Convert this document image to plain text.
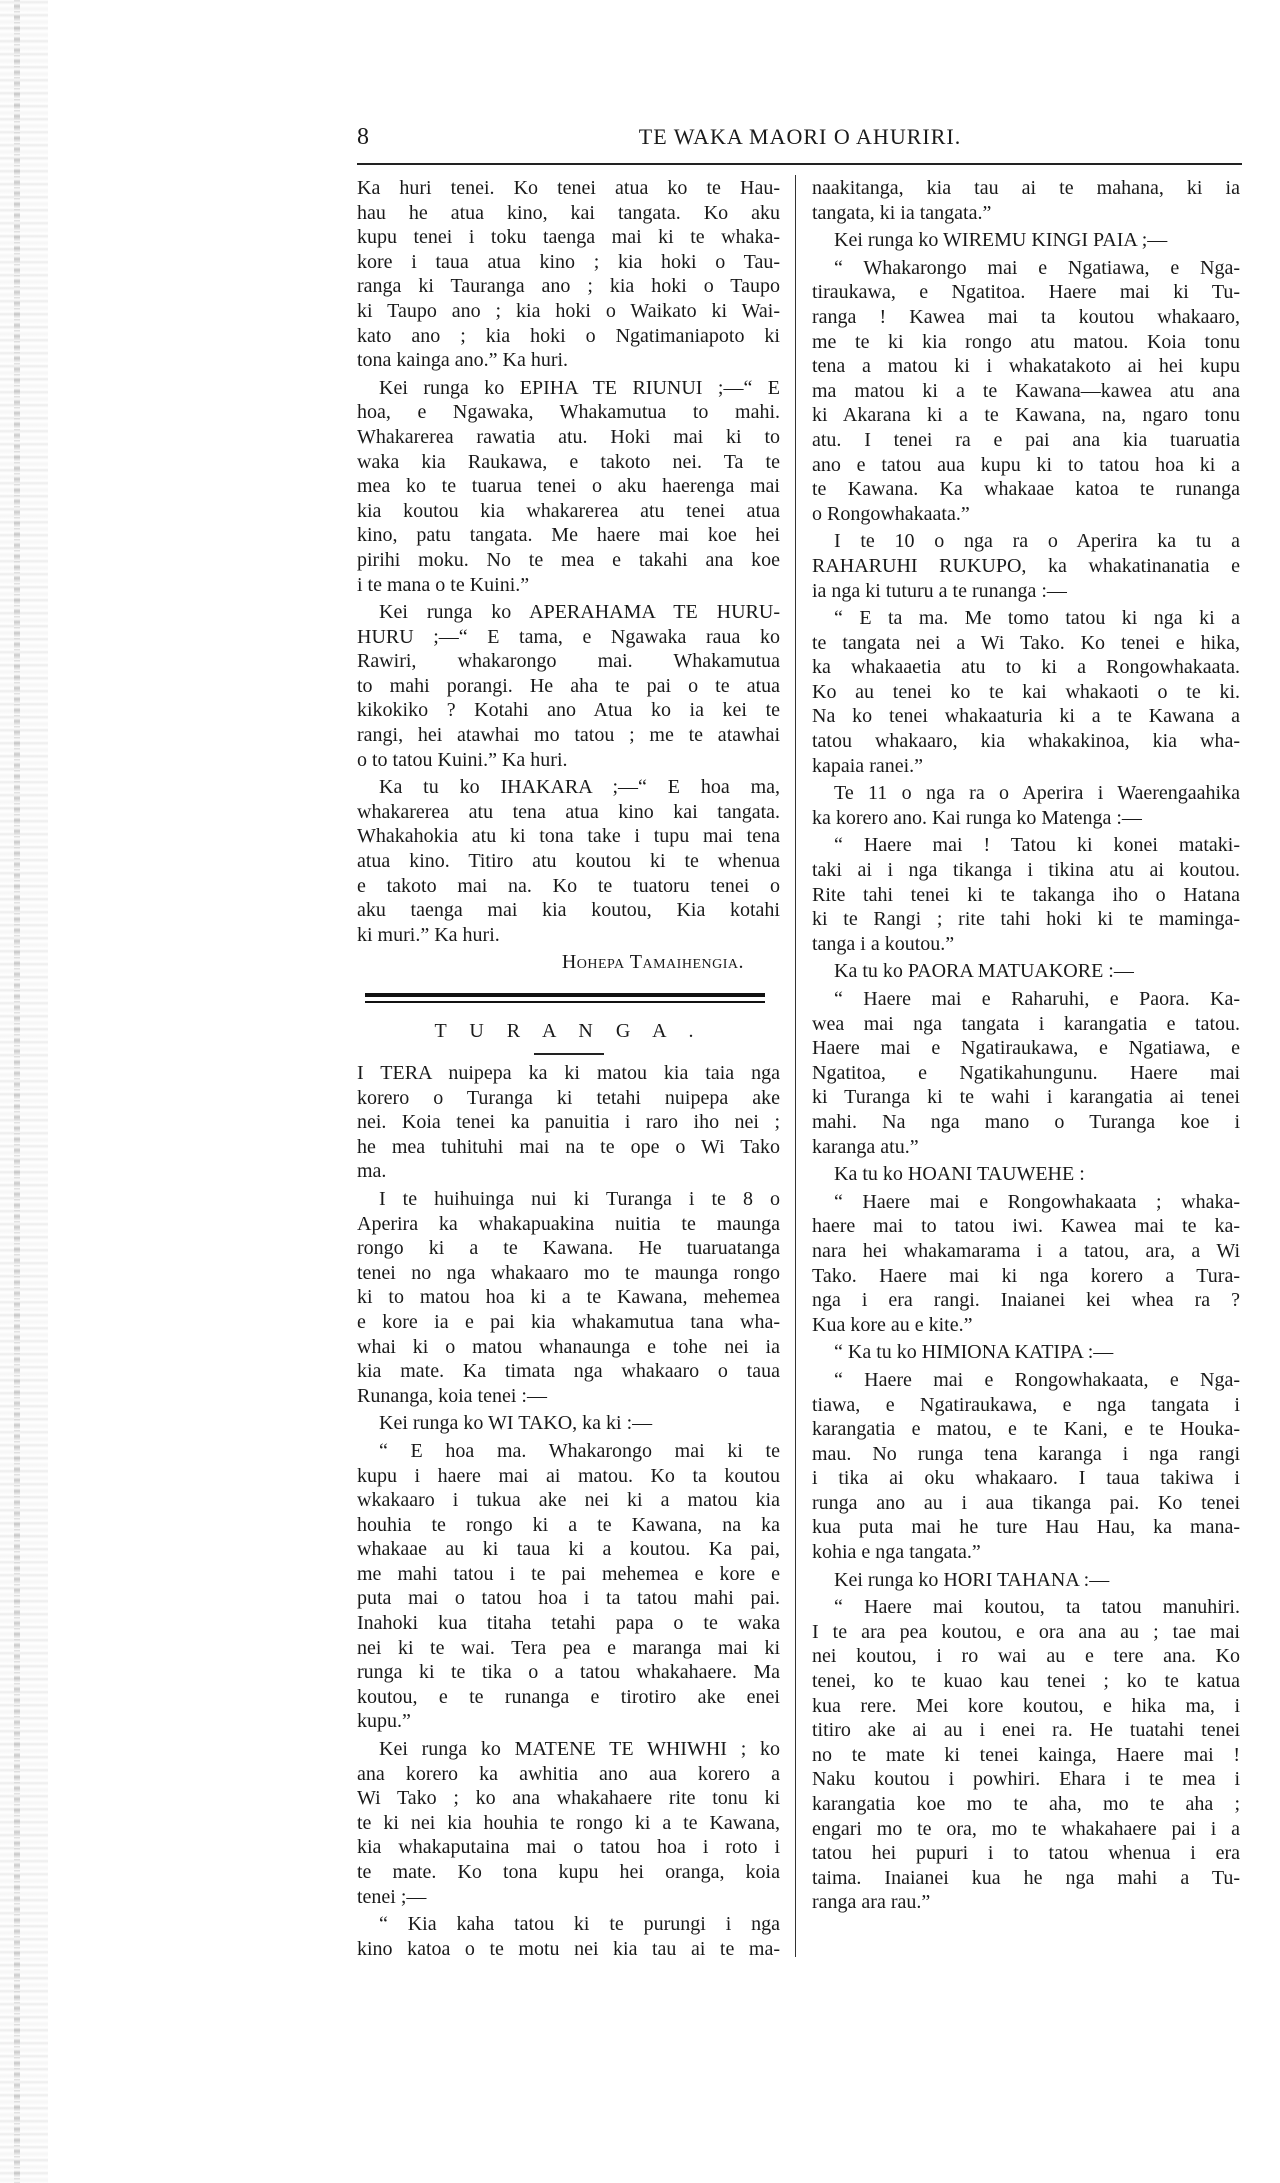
8	TE WAKA MAORI O AHURIRI.
Ka huri tenei. Ko tenei atua ko te Hau-
hau he atua kino, kai tangata. Ko aku
kupu tenei i toku taenga mai ki te whaka-
kore i taua atua kino ; kia hoki o Tau-
ranga ki Tauranga ano ; kia hoki o Taupo
ki Taupo ano ; kia hoki o Waikato ki Wai-
kato ano ; kia hoki o Ngatimaniapoto ki
tona kainga ano.” Ka huri.
Kei runga ko EPIHA TE RIUNUI ;—“ E
hoa, e Ngawaka, Whakamutua to mahi.
Whakarerea rawatia atu. Hoki mai ki to
waka kia Raukawa, e takoto nei. Ta te
mea ko te tuarua tenei o aku haerenga mai
kia koutou kia whakarerea atu tenei atua
kino, patu tangata. Me haere mai koe hei
pirihi moku. No te mea e takahi ana koe
i te mana o te Kuini.”
Kei runga ko APERAHAMA TE HURU-
HURU ;—“ E tama, e Ngawaka raua ko
Rawiri, whakarongo mai. Whakamutua
to mahi porangi. He aha te pai o te atua
kikokiko ? Kotahi ano Atua ko ia kei te
rangi, hei atawhai mo tatou ; me te atawhai
o to tatou Kuini.” Ka huri.
Ka tu ko IHAKARA ;—“ E hoa ma,
whakarerea atu tena atua kino kai tangata.
Whakahokia atu ki tona take i tupu mai tena
atua kino. Titiro atu koutou ki te whenua
e takoto mai na. Ko te tuatoru tenei o
aku taenga mai kia koutou, Kia kotahi
ki muri.” Ka huri.
Hohepa Tamaihengia.
T U R A N G A .
I TERA nuipepa ka ki matou kia taia nga
korero o Turanga ki tetahi nuipepa ake
nei. Koia tenei ka panuitia i raro iho nei ;
he mea tuhituhi mai na te ope o Wi Tako
ma.
I te huihuinga nui ki Turanga i te 8 o
Aperira ka whakapuakina nuitia te maunga
rongo ki a te Kawana. He tuaruatanga
tenei no nga whakaaro mo te maunga rongo
ki to matou hoa ki a te Kawana, mehemea
e kore ia e pai kia whakamutua tana wha-
whai ki o matou whanaunga e tohe nei ia
kia mate. Ka timata nga whakaaro o taua
Runanga, koia tenei :—
Kei runga ko WI TAKO, ka ki :—
“ E hoa ma. Whakarongo mai ki te
kupu i haere mai ai matou. Ko ta koutou
wkakaaro i tukua ake nei ki a matou kia
houhia te rongo ki a te Kawana, na ka
whakaae au ki taua ki a koutou. Ka pai,
me mahi tatou i te pai mehemea e kore e
puta mai o tatou hoa i ta tatou mahi pai.
Inahoki kua titaha tetahi papa o te waka
nei ki te wai. Tera pea e maranga mai ki
runga ki te tika o a tatou whakahaere. Ma
koutou, e te runanga e tirotiro ake enei
kupu.”
Kei runga ko MATENE TE WHIWHI ; ko
ana korero ka awhitia ano aua korero a
Wi Tako ; ko ana whakahaere rite tonu ki
te ki nei kia houhia te rongo ki a te Kawana,
kia whakaputaina mai o tatou hoa i roto i
te mate. Ko tona kupu hei oranga, koia
tenei ;—
“ Kia kaha tatou ki te purungi i nga
kino katoa o te motu nei kia tau ai te ma-
naakitanga, kia tau ai te mahana, ki ia
tangata, ki ia tangata.”
Kei runga ko WIREMU KINGI PAIA ;—
“ Whakarongo mai e Ngatiawa, e Nga-
tiraukawa, e Ngatitoa. Haere mai ki Tu-
ranga ! Kawea mai ta koutou whakaaro,
me te ki kia rongo atu matou. Koia tonu
tena a matou ki i whakatakoto ai hei kupu
ma matou ki a te Kawana—kawea atu ana
ki Akarana ki a te Kawana, na, ngaro tonu
atu. I tenei ra e pai ana kia tuaruatia
ano e tatou aua kupu ki to tatou hoa ki a
te Kawana. Ka whakaae katoa te runanga
o Rongowhakaata.”
I te 10 o nga ra o Aperira ka tu a
RAHARUHI RUKUPO, ka whakatinanatia e
ia nga ki tuturu a te runanga :—
“ E ta ma. Me tomo tatou ki nga ki a
te tangata nei a Wi Tako. Ko tenei e hika,
ka whakaaetia atu to ki a Rongowhakaata.
Ko au tenei ko te kai whakaoti o te ki.
Na ko tenei whakaaturia ki a te Kawana a
tatou whakaaro, kia whakakinoa, kia wha-
kapaia ranei.”
Te 11 o nga ra o Aperira i Waerengaahika
ka korero ano. Kai runga ko Matenga :—
“ Haere mai ! Tatou ki konei mataki-
taki ai i nga tikanga i tikina atu ai koutou.
Rite tahi tenei ki te takanga iho o Hatana
ki te Rangi ; rite tahi hoki ki te maminga-
tanga i a koutou.”
Ka tu ko PAORA MATUAKORE :—
“ Haere mai e Raharuhi, e Paora. Ka-
wea mai nga tangata i karangatia e tatou.
Haere mai e Ngatiraukawa, e Ngatiawa, e
Ngatitoa, e Ngatikahungunu. Haere mai
ki Turanga ki te wahi i karangatia ai tenei
mahi. Na nga mano o Turanga koe i
karanga atu.”
Ka tu ko HOANI TAUWEHE :
“ Haere mai e Rongowhakaata ; whaka-
haere mai to tatou iwi. Kawea mai te ka-
nara hei whakamarama i a tatou, ara, a Wi
Tako. Haere mai ki nga korero a Tura-
nga i era rangi. Inaianei kei whea ra ?
Kua kore au e kite.”
“ Ka tu ko HIMIONA KATIPA :—
“ Haere mai e Rongowhakaata, e Nga-
tiawa, e Ngatiraukawa, e nga tangata i
karangatia e matou, e te Kani, e te Houka-
mau. No runga tena karanga i nga rangi
i tika ai oku whakaaro. I taua takiwa i
runga ano au i aua tikanga pai. Ko tenei
kua puta mai he ture Hau Hau, ka mana-
kohia e nga tangata.”
Kei runga ko HORI TAHANA :—
“ Haere mai koutou, ta tatou manuhiri.
I te ara pea koutou, e ora ana au ; tae mai
nei koutou, i ro wai au e tere ana. Ko
tenei, ko te kuao kau tenei ; ko te katua
kua rere. Mei kore koutou, e hika ma, i
titiro ake ai au i enei ra. He tuatahi tenei
no te mate ki tenei kainga, Haere mai !
Naku koutou i powhiri. Ehara i te mea i
karangatia koe mo te aha, mo te aha ;
engari mo te ora, mo te whakahaere pai i a
tatou hei pupuri i to tatou whenua i era
taima. Inaianei kua he nga mahi a Tu-
ranga ara rau.”
